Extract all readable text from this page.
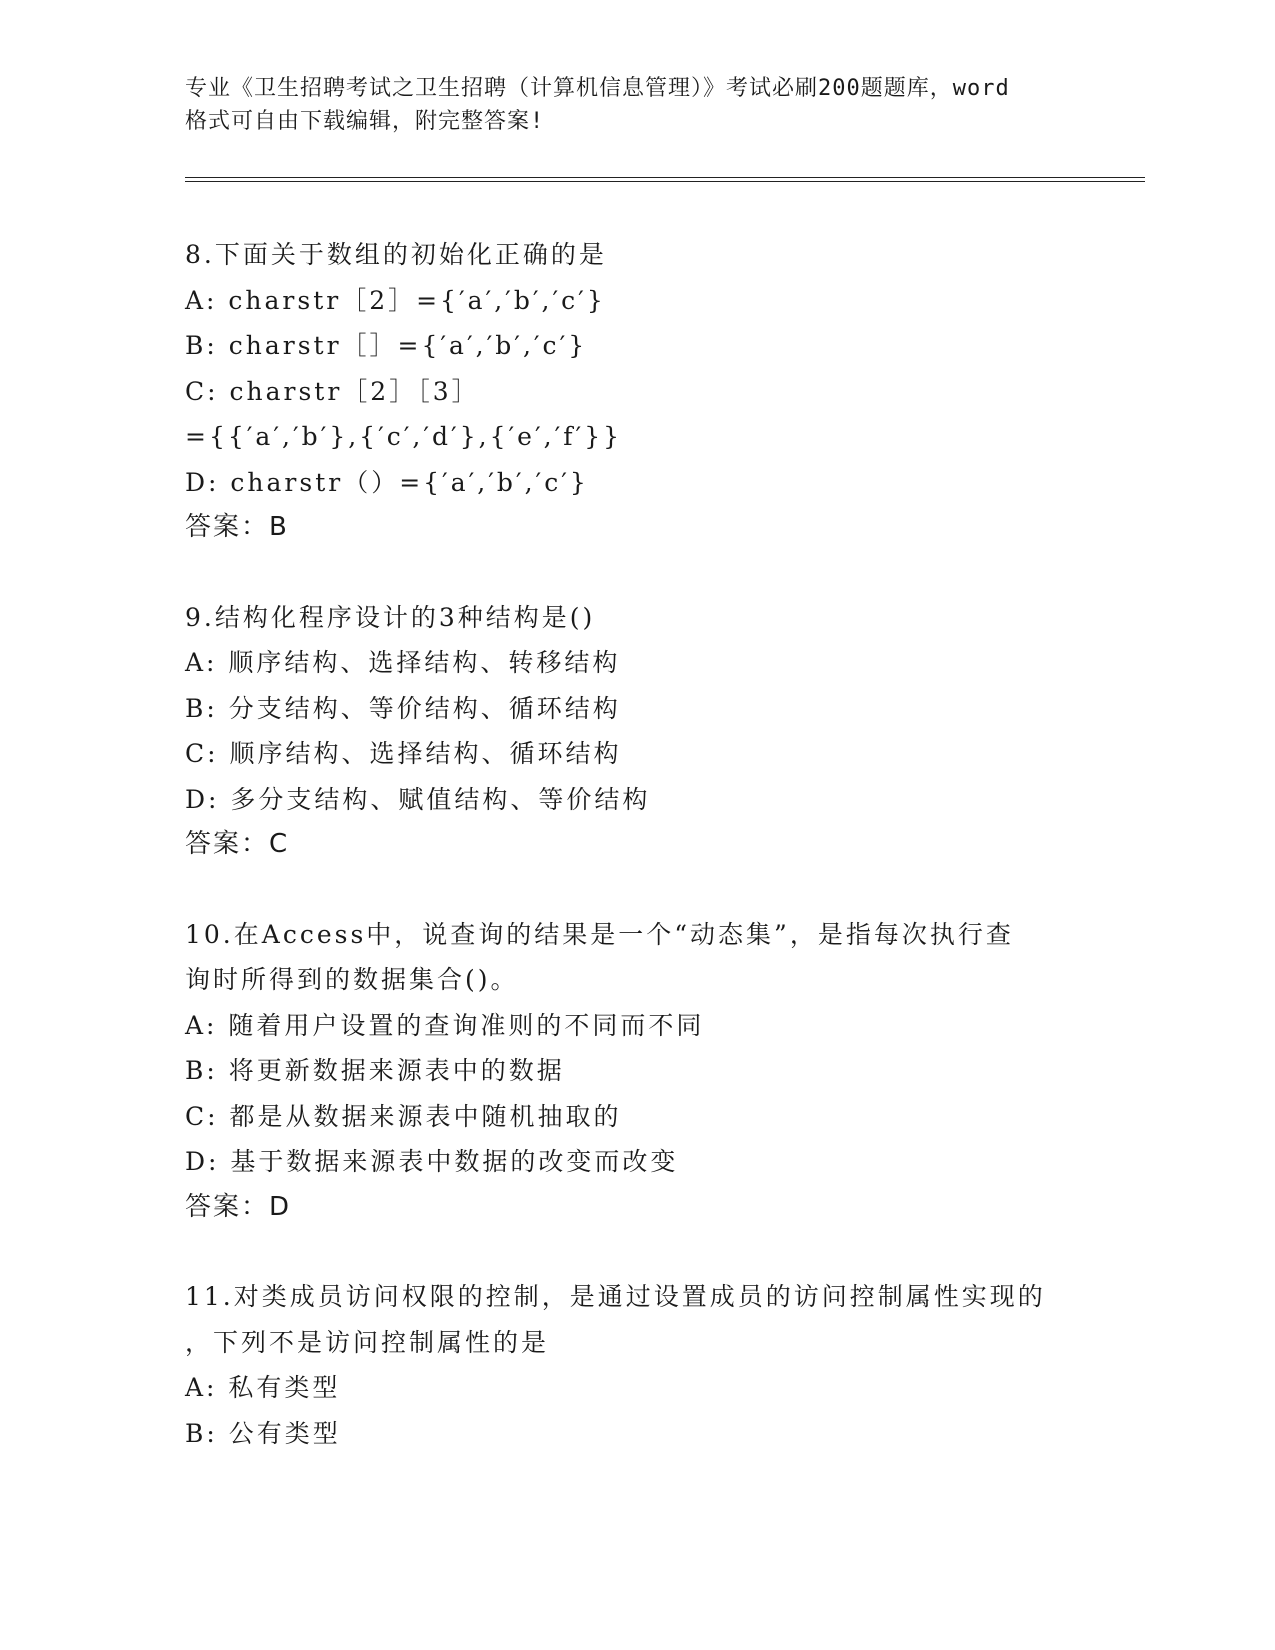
专业《卫生招聘考试之卫生招聘（计算机信息管理）》考试必刷200题题库，word
格式可自由下载编辑，附完整答案!
8.下面关于数组的初始化正确的是
A: charstr［2］={′a′,′b′,′c′}
B: charstr［］={′a′,′b′,′c′}
C: charstr［2］［3］
={{′a′,′b′},{′c′,′d′},{′e′,′f′}}
D: charstr（）={′a′,′b′,′c′}
答案：B
9.结构化程序设计的3种结构是()
A: 顺序结构、选择结构、转移结构
B: 分支结构、等价结构、循环结构
C: 顺序结构、选择结构、循环结构
D: 多分支结构、赋值结构、等价结构
答案：C
10.在Access中，说查询的结果是一个“动态集”，是指每次执行查
询时所得到的数据集合()。
A: 随着用户设置的查询准则的不同而不同
B: 将更新数据来源表中的数据
C: 都是从数据来源表中随机抽取的
D: 基于数据来源表中数据的改变而改变
答案：D
11.对类成员访问权限的控制，是通过设置成员的访问控制属性实现的
，下列不是访问控制属性的是
A: 私有类型
B: 公有类型
